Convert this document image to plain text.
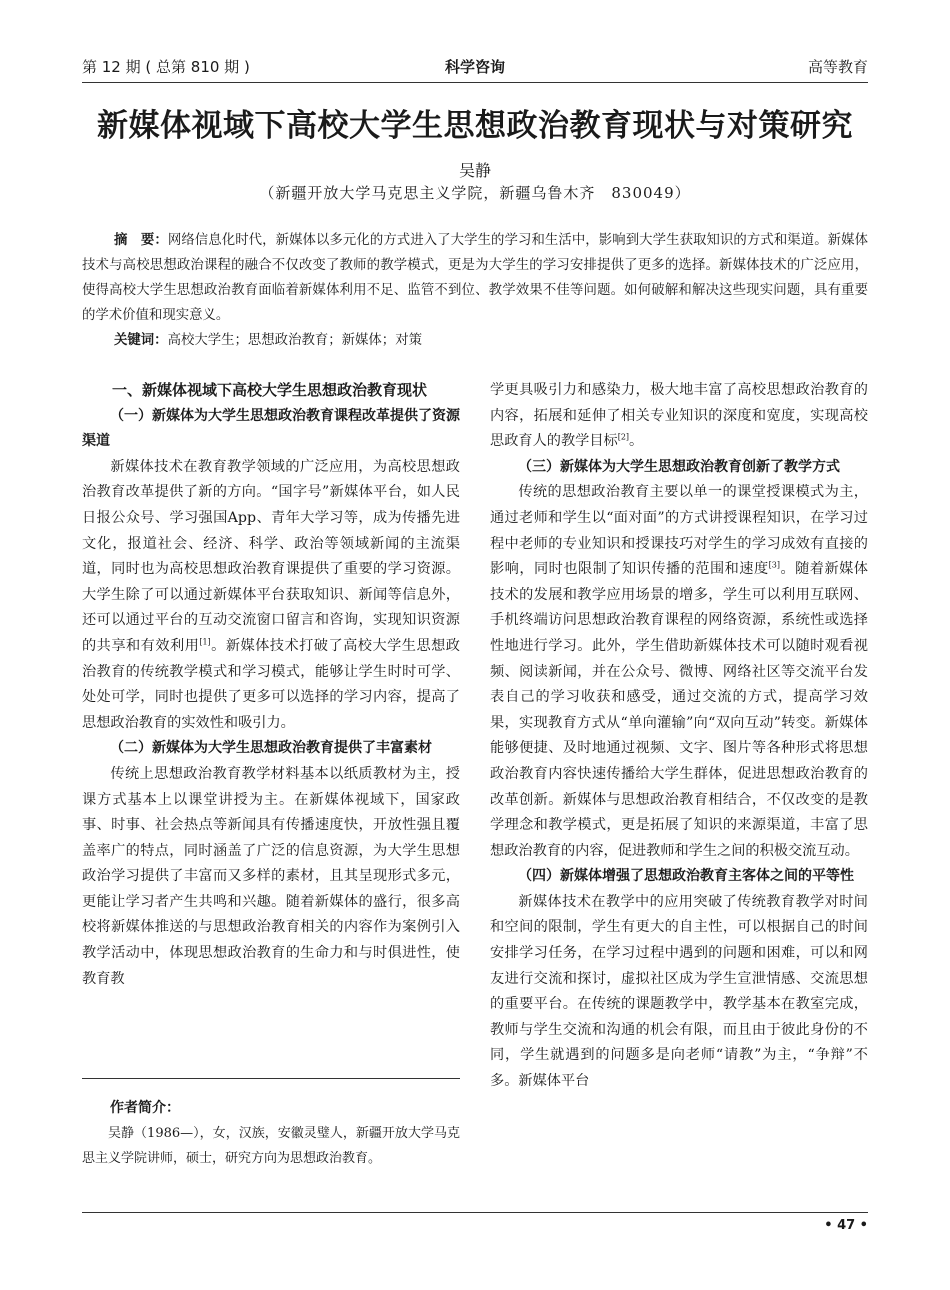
第 12 期 ( 总第 810 期 )	科学咨询	高等教育
新媒体视域下高校大学生思想政治教育现状与对策研究
吴静
（新疆开放大学马克思主义学院，新疆乌鲁木齐　830049）
摘　要：网络信息化时代，新媒体以多元化的方式进入了大学生的学习和生活中，影响到大学生获取知识的方式和渠道。新媒体技术与高校思想政治课程的融合不仅改变了教师的教学模式，更是为大学生的学习安排提供了更多的选择。新媒体技术的广泛应用，使得高校大学生思想政治教育面临着新媒体利用不足、监管不到位、教学效果不佳等问题。如何破解和解决这些现实问题，具有重要的学术价值和现实意义。
关键词：高校大学生；思想政治教育；新媒体；对策
一、新媒体视域下高校大学生思想政治教育现状
（一）新媒体为大学生思想政治教育课程改革提供了资源渠道

新媒体技术在教育教学领域的广泛应用，为高校思想政治教育改革提供了新的方向。“国字号”新媒体平台，如人民日报公众号、学习强国App、青年大学习等，成为传播先进文化，报道社会、经济、科学、政治等领域新闻的主流渠道，同时也为高校思想政治教育课提供了重要的学习资源。大学生除了可以通过新媒体平台获取知识、新闻等信息外，还可以通过平台的互动交流窗口留言和咨询，实现知识资源的共享和有效利用[1]。新媒体技术打破了高校大学生思想政治教育的传统教学模式和学习模式，能够让学生时时可学、处处可学，同时也提供了更多可以选择的学习内容，提高了思想政治教育的实效性和吸引力。

（二）新媒体为大学生思想政治教育提供了丰富素材

传统上思想政治教育教学材料基本以纸质教材为主，授课方式基本上以课堂讲授为主。在新媒体视域下，国家政事、时事、社会热点等新闻具有传播速度快，开放性强且覆盖率广的特点，同时涵盖了广泛的信息资源，为大学生思想政治学习提供了丰富而又多样的素材，且其呈现形式多元，更能让学习者产生共鸣和兴趣。随着新媒体的盛行，很多高校将新媒体推送的与思想政治教育相关的内容作为案例引入教学活动中，体现思想政治教育的生命力和与时俱进性，使教育教

学更具吸引力和感染力，极大地丰富了高校思想政治教育的内容，拓展和延伸了相关专业知识的深度和宽度，实现高校思政育人的教学目标[2]。

（三）新媒体为大学生思想政治教育创新了教学方式

传统的思想政治教育主要以单一的课堂授课模式为主，通过老师和学生以“面对面”的方式讲授课程知识，在学习过程中老师的专业知识和授课技巧对学生的学习成效有直接的影响，同时也限制了知识传播的范围和速度[3]。随着新媒体技术的发展和教学应用场景的增多，学生可以利用互联网、手机终端访问思想政治教育课程的网络资源，系统性或选择性地进行学习。此外，学生借助新媒体技术可以随时观看视频、阅读新闻，并在公众号、微博、网络社区等交流平台发表自己的学习收获和感受，通过交流的方式，提高学习效果，实现教育方式从“单向灌输”向“双向互动”转变。新媒体能够便捷、及时地通过视频、文字、图片等各种形式将思想政治教育内容快速传播给大学生群体，促进思想政治教育的改革创新。新媒体与思想政治教育相结合，不仅改变的是教学理念和教学模式，更是拓展了知识的来源渠道，丰富了思想政治教育的内容，促进教师和学生之间的积极交流互动。

（四）新媒体增强了思想政治教育主客体之间的平等性

新媒体技术在教学中的应用突破了传统教育教学对时间和空间的限制，学生有更大的自主性，可以根据自己的时间安排学习任务，在学习过程中遇到的问题和困难，可以和网友进行交流和探讨，虚拟社区成为学生宣泄情感、交流思想的重要平台。在传统的课题教学中，教学基本在教室完成，教师与学生交流和沟通的机会有限，而且由于彼此身份的不同，学生就遇到的问题多是向老师“请教”为主，“争辩”不多。新媒体平台

作者简介：

吴静（1986—），女，汉族，安徽灵璧人，新疆开放大学马克思主义学院讲师，硕士，研究方向为思想政治教育。

• 47 •
